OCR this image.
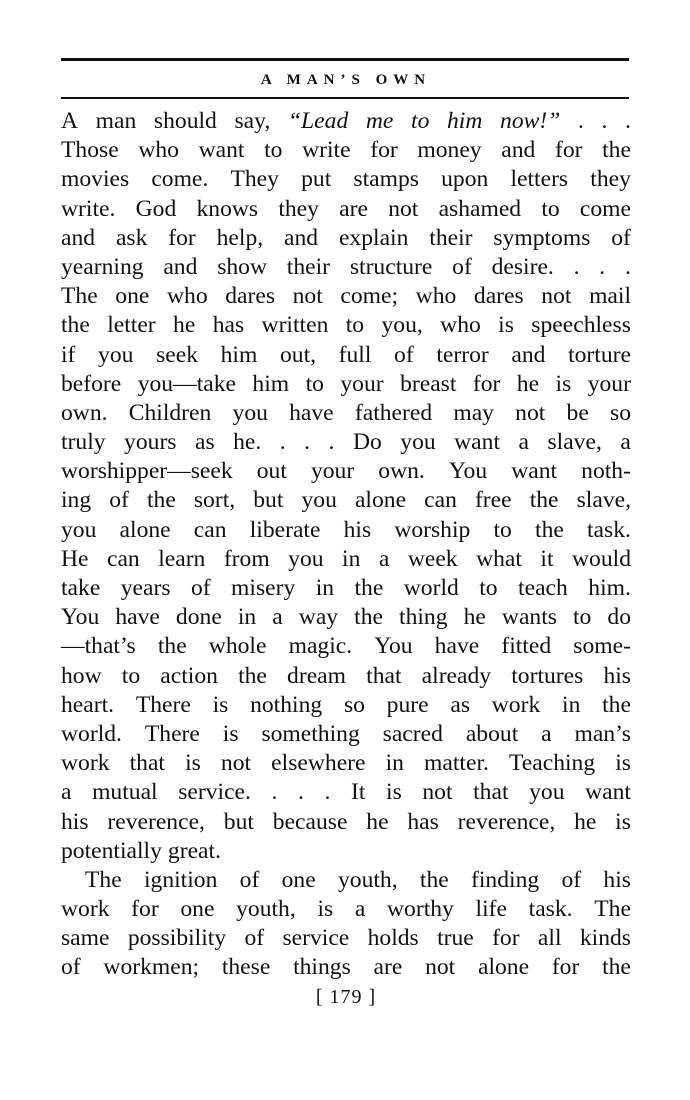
A MAN’S OWN
A man should say, “Lead me to him now!” . . .
Those who want to write for money and for the
movies come. They put stamps upon letters they
write. God knows they are not ashamed to come
and ask for help, and explain their symptoms of
yearning and show their structure of desire. . . .
The one who dares not come; who dares not mail
the letter he has written to you, who is speechless
if you seek him out, full of terror and torture
before you—take him to your breast for he is your
own. Children you have fathered may not be so
truly yours as he. . . . Do you want a slave, a
worshipper—seek out your own. You want noth-
ing of the sort, but you alone can free the slave,
you alone can liberate his worship to the task.
He can learn from you in a week what it would
take years of misery in the world to teach him.
You have done in a way the thing he wants to do
—that’s the whole magic. You have fitted some-
how to action the dream that already tortures his
heart. There is nothing so pure as work in the
world. There is something sacred about a man’s
work that is not elsewhere in matter. Teaching is
a mutual service. . . . It is not that you want
his reverence, but because he has reverence, he is
potentially great.
The ignition of one youth, the finding of his
work for one youth, is a worthy life task. The
same possibility of service holds true for all kinds
of workmen; these things are not alone for the
[ 179 ]
